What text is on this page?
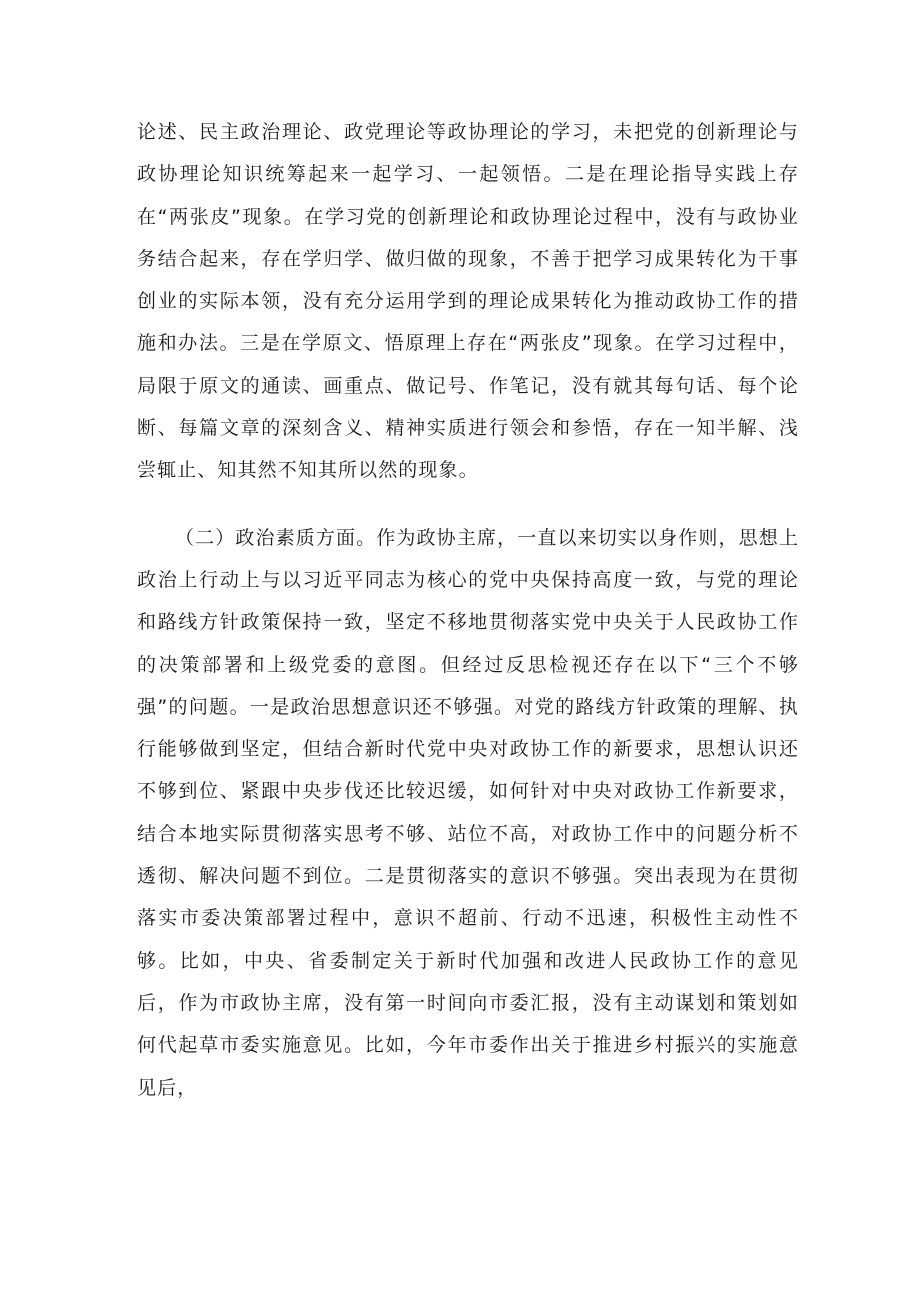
论述、民主政治理论、政党理论等政协理论的学习，未把党的创新理论与政协理论知识统筹起来一起学习、一起领悟。二是在理论指导实践上存在“两张皮”现象。在学习党的创新理论和政协理论过程中，没有与政协业务结合起来，存在学归学、做归做的现象，不善于把学习成果转化为干事创业的实际本领，没有充分运用学到的理论成果转化为推动政协工作的措施和办法。三是在学原文、悟原理上存在“两张皮”现象。在学习过程中，局限于原文的通读、画重点、做记号、作笔记，没有就其每句话、每个论断、每篇文章的深刻含义、精神实质进行领会和参悟，存在一知半解、浅尝辄止、知其然不知其所以然的现象。

（二）政治素质方面。作为政协主席，一直以来切实以身作则，思想上政治上行动上与以习近平同志为核心的党中央保持高度一致，与党的理论和路线方针政策保持一致，坚定不移地贯彻落实党中央关于人民政协工作的决策部署和上级党委的意图。但经过反思检视还存在以下“三个不够强”的问题。一是政治思想意识还不够强。对党的路线方针政策的理解、执行能够做到坚定，但结合新时代党中央对政协工作的新要求，思想认识还不够到位、紧跟中央步伐还比较迟缓，如何针对中央对政协工作新要求，结合本地实际贯彻落实思考不够、站位不高，对政协工作中的问题分析不透彻、解决问题不到位。二是贯彻落实的意识不够强。突出表现为在贯彻落实市委决策部署过程中，意识不超前、行动不迅速，积极性主动性不够。比如，中央、省委制定关于新时代加强和改进人民政协工作的意见后，作为市政协主席，没有第一时间向市委汇报，没有主动谋划和策划如何代起草市委实施意见。比如，今年市委作出关于推进乡村振兴的实施意见后，
